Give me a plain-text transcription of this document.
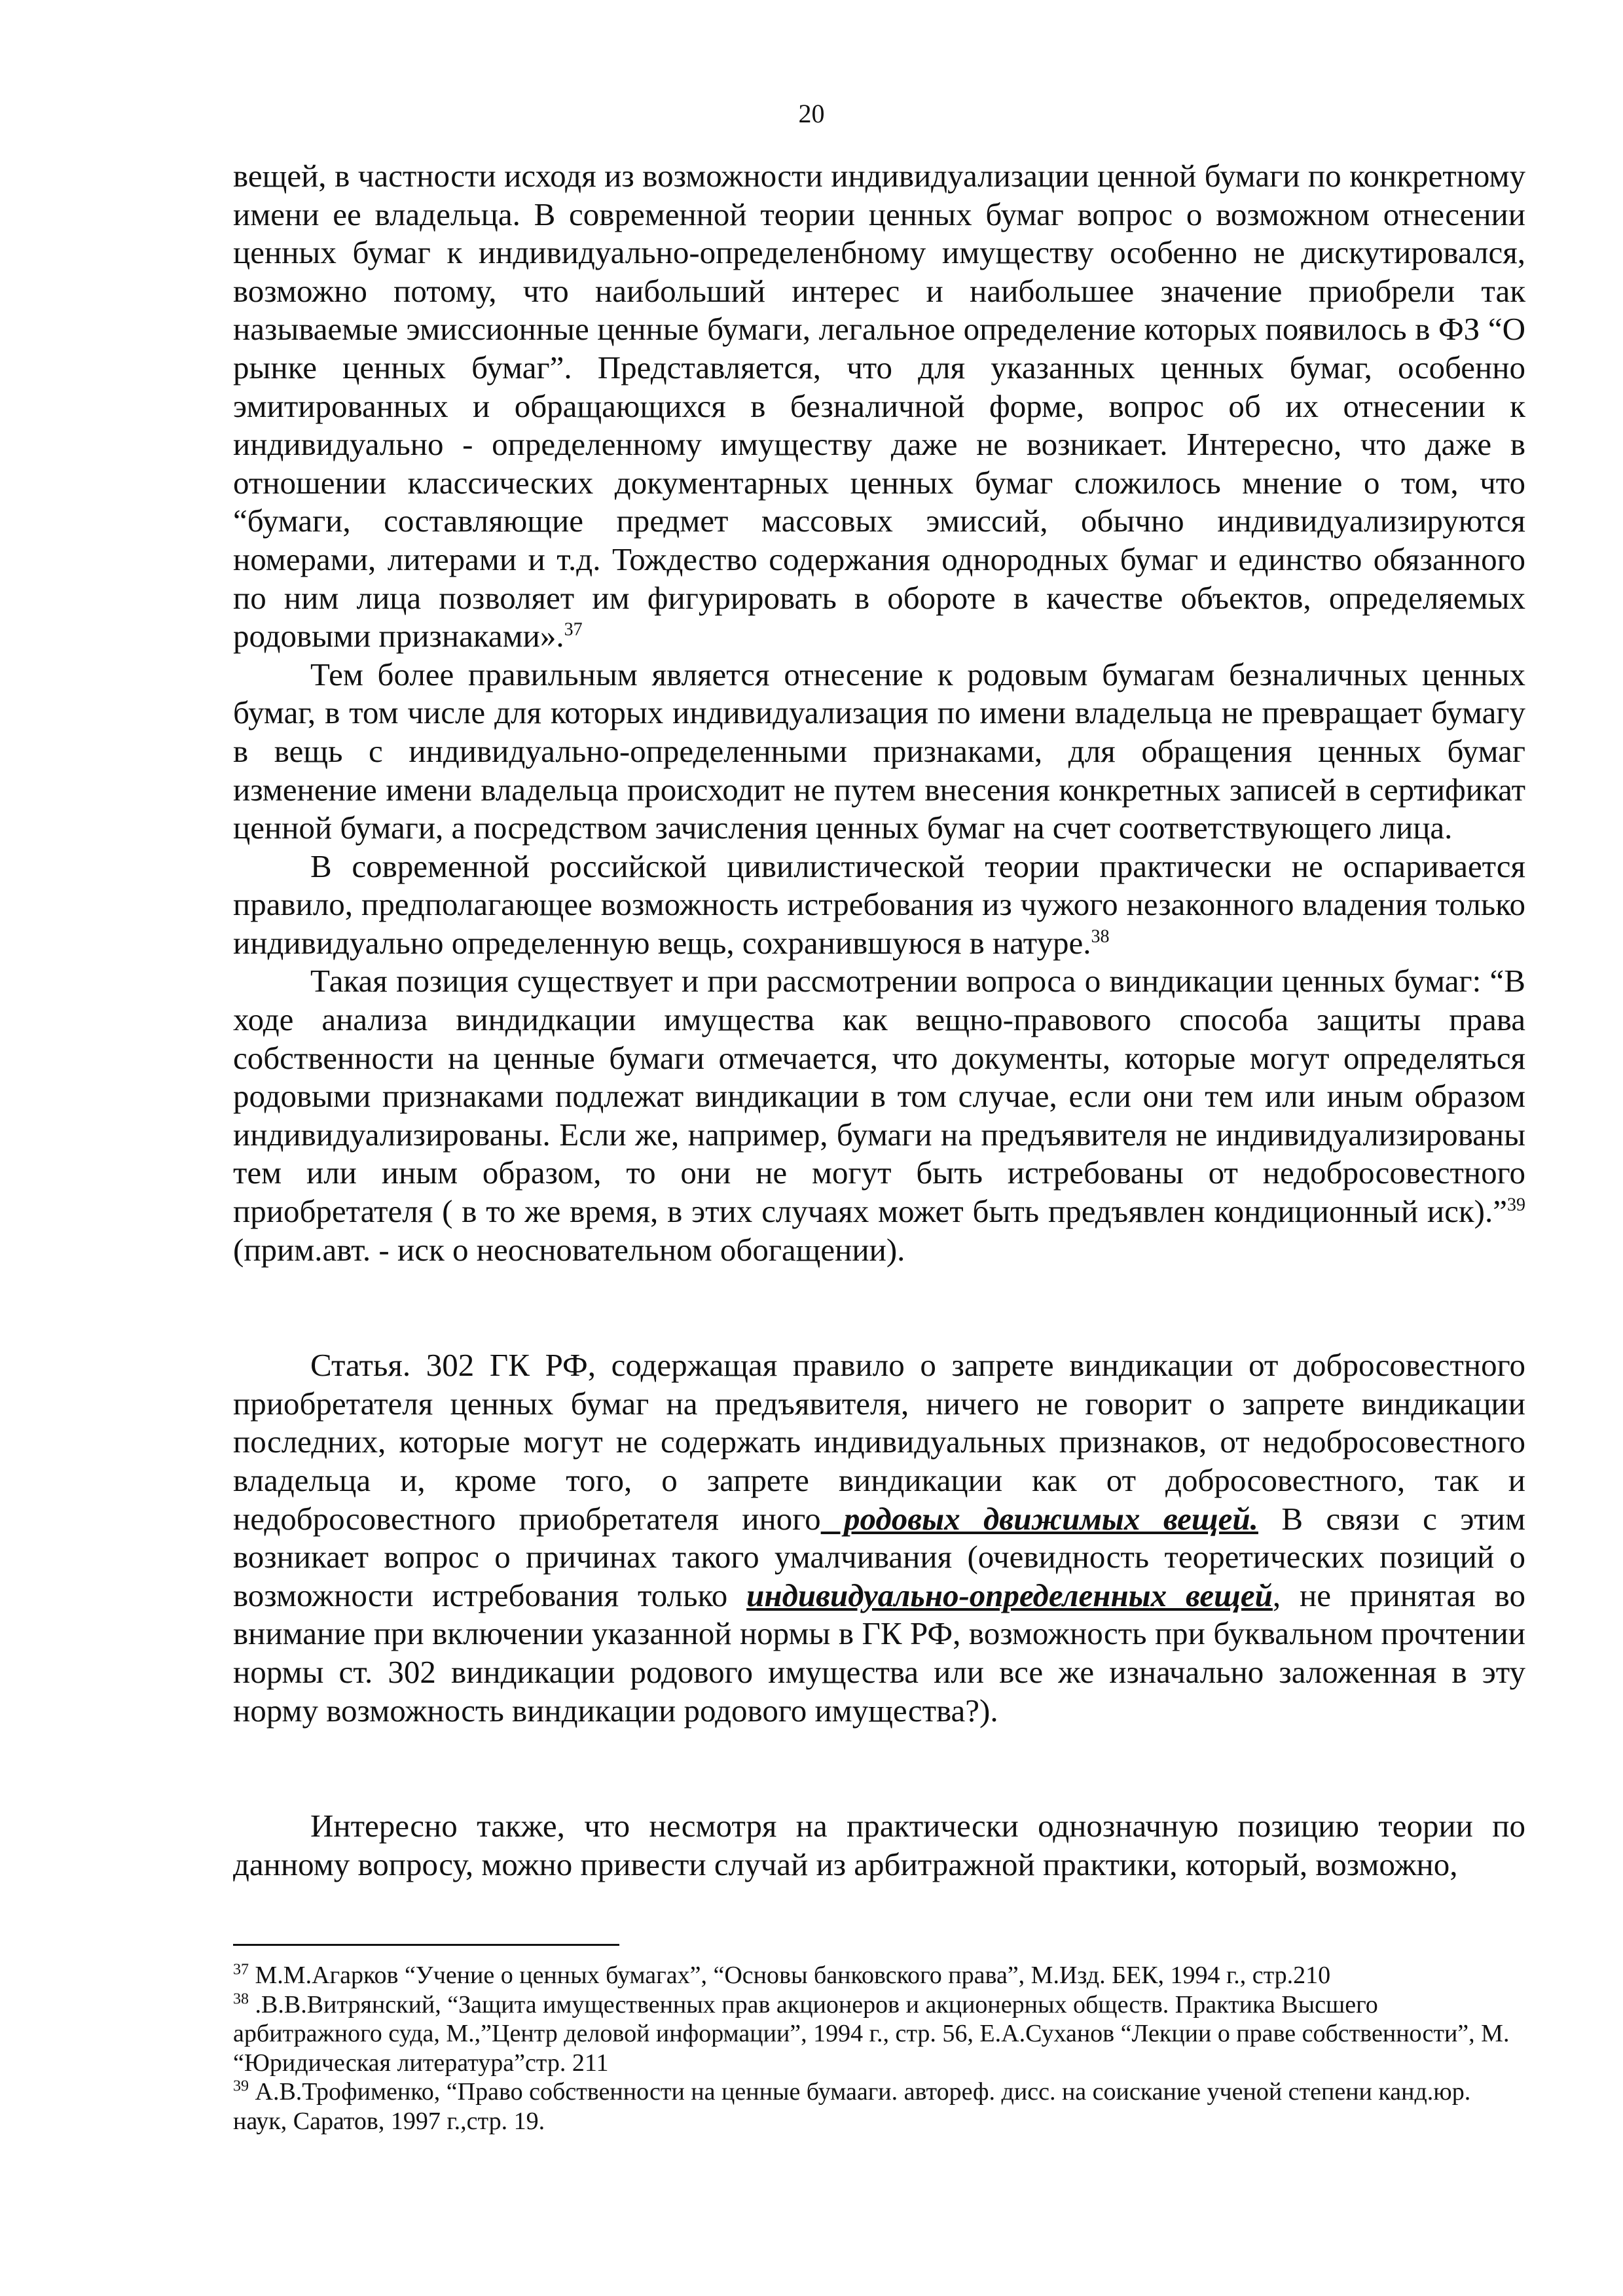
20

вещей, в частности исходя из возможности индивидуализации ценной бумаги по конкретному имени ее владельца. В современной теории ценных бумаг вопрос о возможном отнесении ценных бумаг к индивидуально-определенбному имуществу особенно не дискутировался, возможно потому, что наибольший интерес и наибольшее значение приобрели так называемые эмиссионные ценные бумаги, легальное определение которых появилось в ФЗ “О рынке ценных бумаг”. Представляется, что для указанных ценных бумаг, особенно эмитированных и обращающихся в безналичной форме, вопрос об их отнесении к индивидуально - определенному имуществу даже не возникает. Интересно, что даже в отношении классических документарных ценных бумаг сложилось мнение о том, что “бумаги, составляющие предмет массовых эмиссий, обычно индивидуализируются номерами, литерами и т.д. Тождество содержания однородных бумаг и единство обязанного по ним лица позволяет им фигурировать в обороте в качестве объектов, определяемых родовыми признаками».$^{37}$

Тем более правильным является отнесение к родовым бумагам безналичных ценных бумаг, в том числе для которых индивидуализация по имени владельца не превращает бумагу в вещь с индивидуально-определенными признаками, для обращения ценных бумаг изменение имени владельца происходит не путем внесения конкретных записей в сертификат ценной бумаги, а посредством зачисления ценных бумаг на счет соответствующего лица.

В современной российской цивилистической теории практически не оспаривается правило, предполагающее возможность истребования из чужого незаконного владения только индивидуально определенную вещь, сохранившуюся в натуре.$^{38}$

Такая позиция существует и при рассмотрении вопроса о виндикации ценных бумаг: “В ходе анализа виндидкации имущества как вещно-правового способа защиты права собственности на ценные бумаги отмечается, что документы, которые могут определяться родовыми признаками подлежат виндикации в том случае, если они тем или иным образом индивидуализированы. Если же, например, бумаги на предъявителя не индивидуализированы тем или иным образом, то они не могут быть истребованы от недобросовестного приобретателя ( в то же время, в этих случаях может быть предъявлен кондиционный иск).”$^{39}$ (прим.авт. - иск о неосновательном обогащении).

Статья. 302 ГК РФ, содержащая правило о запрете виндикации от добросовестного приобретателя ценных бумаг на предъявителя, ничего не говорит о запрете виндикации последних, которые могут не содержать индивидуальных признаков, от недобросовестного владельца и, кроме того, о запрете виндикации как от добросовестного, так и недобросовестного приобретателя иного родовых движимых вещей. В связи с этим возникает вопрос о причинах такого умалчивания (очевидность теоретических позиций о возможности истребования только индивидуально-определенных вещей, не принятая во внимание при включении указанной нормы в ГК РФ, возможность при буквальном прочтении нормы ст. 302 виндикации родового имущества или все же изначально заложенная в эту норму возможность виндикации родового имущества?).

Интересно также, что несмотря на практически однозначную позицию теории по данному вопросу, можно привести случай из арбитражной практики, который, возможно,

$^{37}$ М.М.Агарков “Учение о ценных бумагах”, “Основы банковского права”, М.Изд. БЕК, 1994 г., стр.210

$^{38}$ .В.В.Витрянский, “Защита имущественных прав акционеров и акционерных обществ. Практика Высшего арбитражного суда, М.,”Центр деловой информации”, 1994 г., стр. 56, Е.А.Суханов “Лекции о праве собственности”, М. “Юридическая литература”стр. 211

$^{39}$ А.В.Трофименко, “Право собственности на ценные бумааги. автореф. дисс. на соискание ученой степени канд.юр. наук, Саратов, 1997 г.,стр. 19.
